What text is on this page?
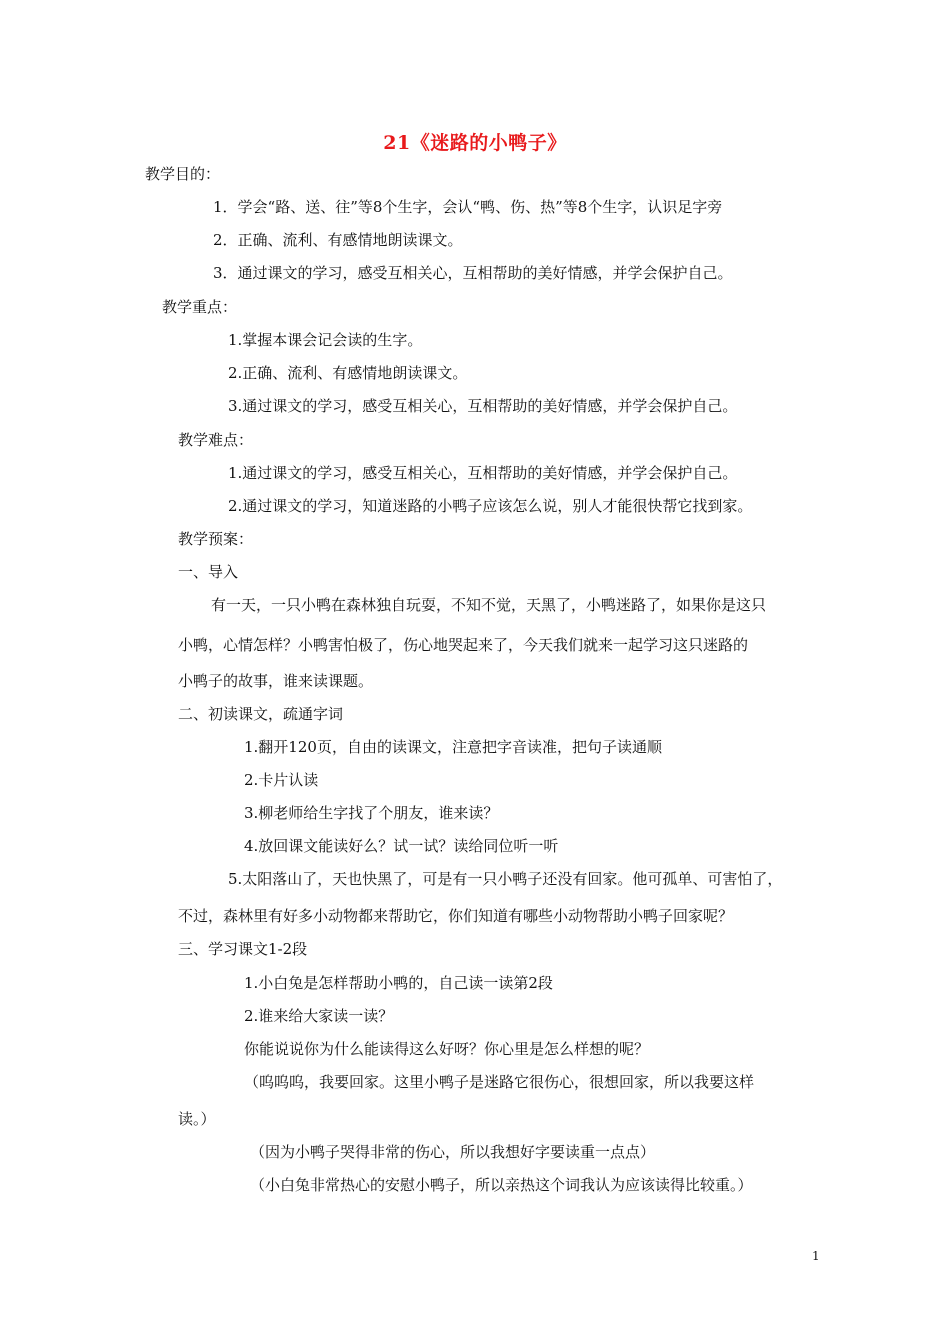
21《迷路的小鸭子》
教学目的：
1．学会“路、送、往”等8个生字，会认“鸭、伤、热”等8个生字，认识足字旁
2．正确、流利、有感情地朗读课文。
3．通过课文的学习，感受互相关心，互相帮助的美好情感，并学会保护自己。
教学重点：
1.掌握本课会记会读的生字。
2.正确、流利、有感情地朗读课文。
3.通过课文的学习，感受互相关心，互相帮助的美好情感，并学会保护自己。
教学难点：
1.通过课文的学习，感受互相关心，互相帮助的美好情感，并学会保护自己。
2.通过课文的学习，知道迷路的小鸭子应该怎么说，别人才能很快帮它找到家。
教学预案：
一、导入
有一天，一只小鸭在森林独自玩耍，不知不觉，天黑了，小鸭迷路了，如果你是这只
小鸭，心情怎样？小鸭害怕极了，伤心地哭起来了，今天我们就来一起学习这只迷路的
小鸭子的故事，谁来读课题。
二、初读课文，疏通字词
1.翻开120页，自由的读课文，注意把字音读准，把句子读通顺
2.卡片认读
3.柳老师给生字找了个朋友，谁来读？
4.放回课文能读好么？试一试？读给同位听一听
5.太阳落山了，天也快黑了，可是有一只小鸭子还没有回家。他可孤单、可害怕了，
不过，森林里有好多小动物都来帮助它，你们知道有哪些小动物帮助小鸭子回家呢？
三、学习课文1-2段
1.小白兔是怎样帮助小鸭的，自己读一读第2段
2.谁来给大家读一读？
你能说说你为什么能读得这么好呀？你心里是怎么样想的呢？
（呜呜呜，我要回家。这里小鸭子是迷路它很伤心，很想回家，所以我要这样
读。）
（因为小鸭子哭得非常的伤心，所以我想好字要读重一点点）
（小白兔非常热心的安慰小鸭子，所以亲热这个词我认为应该读得比较重。）
1
